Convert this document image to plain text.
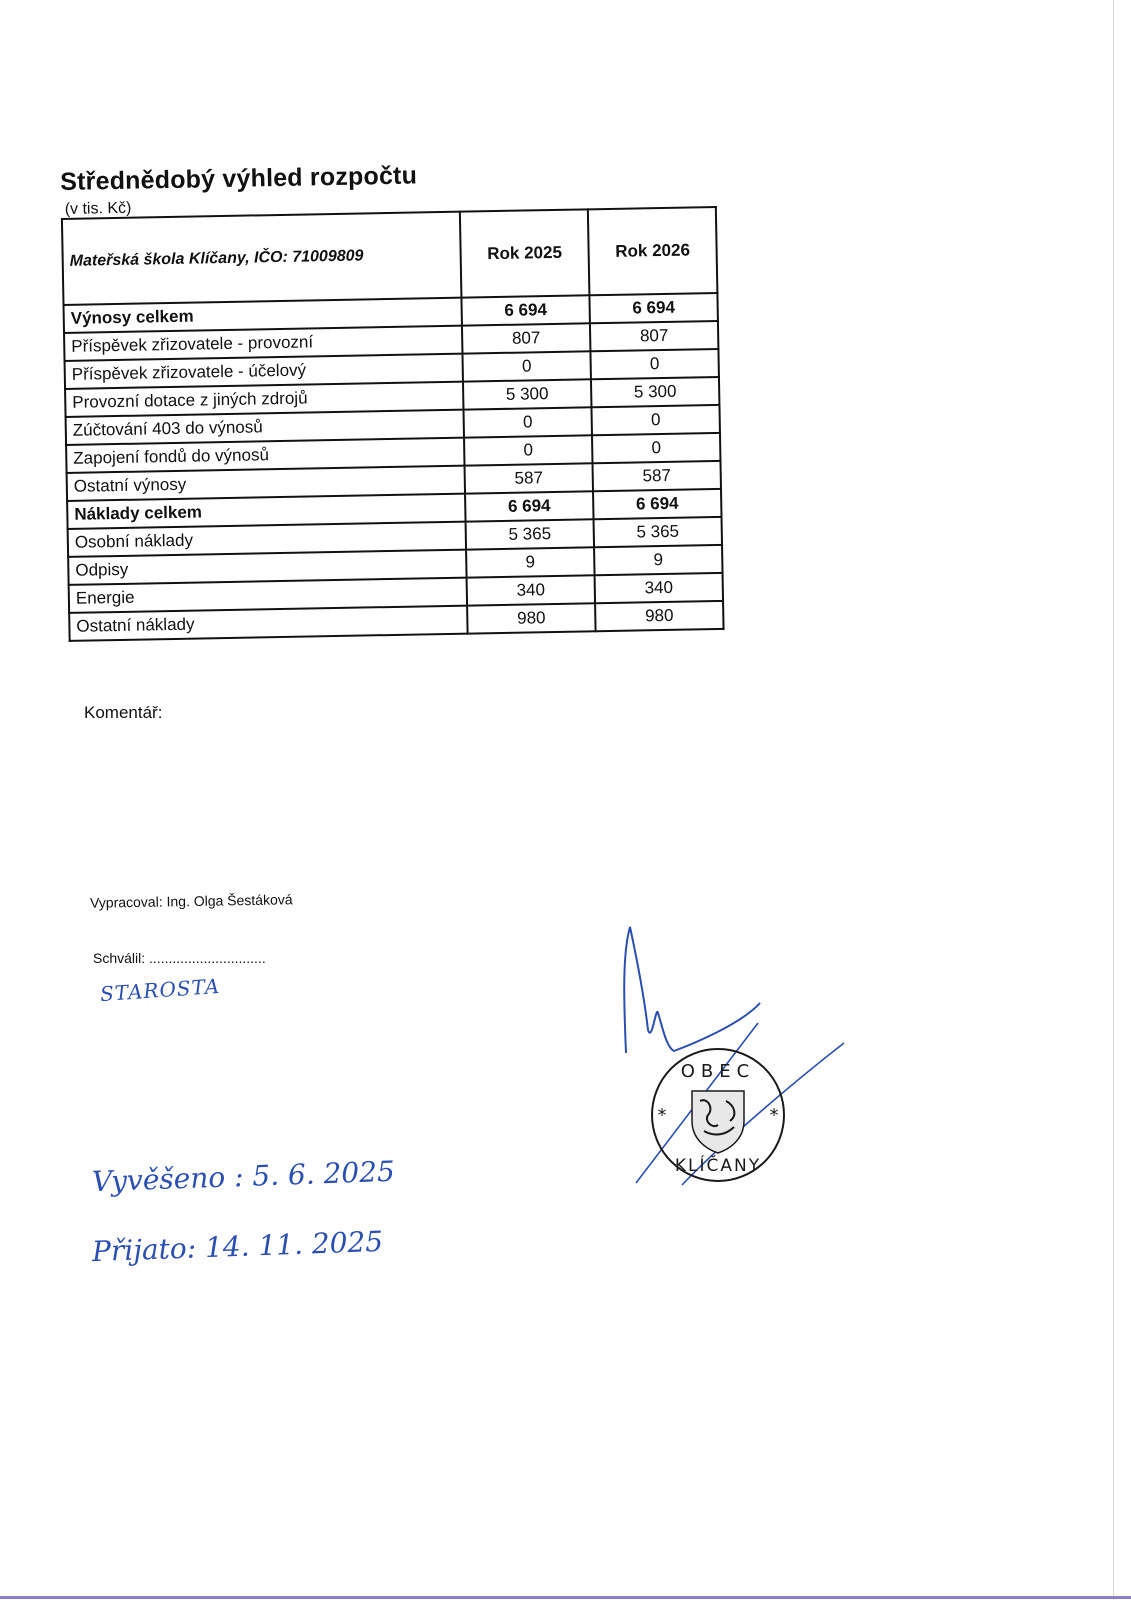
Střednědobý výhled rozpočtu
(v tis. Kč)
Mateřská škola Klíčany, IČO: 71009809	Rok 2025	Rok 2026
Výnosy celkem	6 694	6 694
Příspěvek zřizovatele - provozní	807	807
Příspěvek zřizovatele - účelový	0	0
Provozní dotace z jiných zdrojů	5 300	5 300
Zúčtování 403 do výnosů	0	0
Zapojení fondů do výnosů	0	0
Ostatní výnosy	587	587
Náklady celkem	6 694	6 694
Osobní náklady	5 365	5 365
Odpisy	9	9
Energie	340	340
Ostatní náklady	980	980
Komentář:
Vypracoval: Ing. Olga Šestáková
Schválil: ..............................
STAROSTA
Vyvěšeno : 5. 6. 2025
Přijato: 14. 11. 2025
OBEC
KLÍČANY
*	*
